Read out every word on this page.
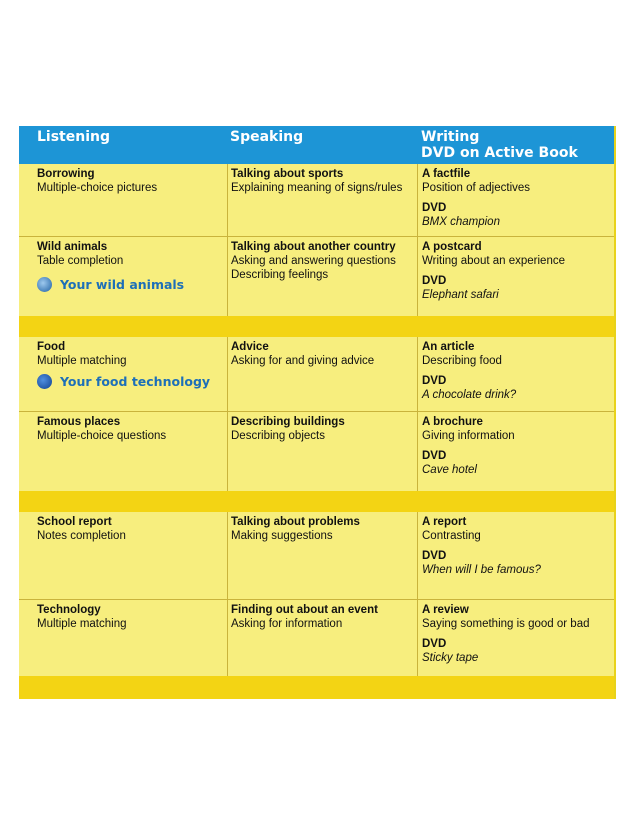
Listening	Speaking	Writing
DVD on Active Book
Borrowing
Multiple-choice pictures
Talking about sports
Explaining meaning of signs/rules
A factfile
Position of adjectives
DVD
BMX champion
Wild animals
Table completion
Your wild animals
Talking about another country
Asking and answering questions
Describing feelings
A postcard
Writing about an experience
DVD
Elephant safari
Food
Multiple matching
Your food technology
Advice
Asking for and giving advice
An article
Describing food
DVD
A chocolate drink?
Famous places
Multiple-choice questions
Describing buildings
Describing objects
A brochure
Giving information
DVD
Cave hotel
School report
Notes completion
Talking about problems
Making suggestions
A report
Contrasting
DVD
When will I be famous?
Technology
Multiple matching
Finding out about an event
Asking for information
A review
Saying something is good or bad
DVD
Sticky tape
